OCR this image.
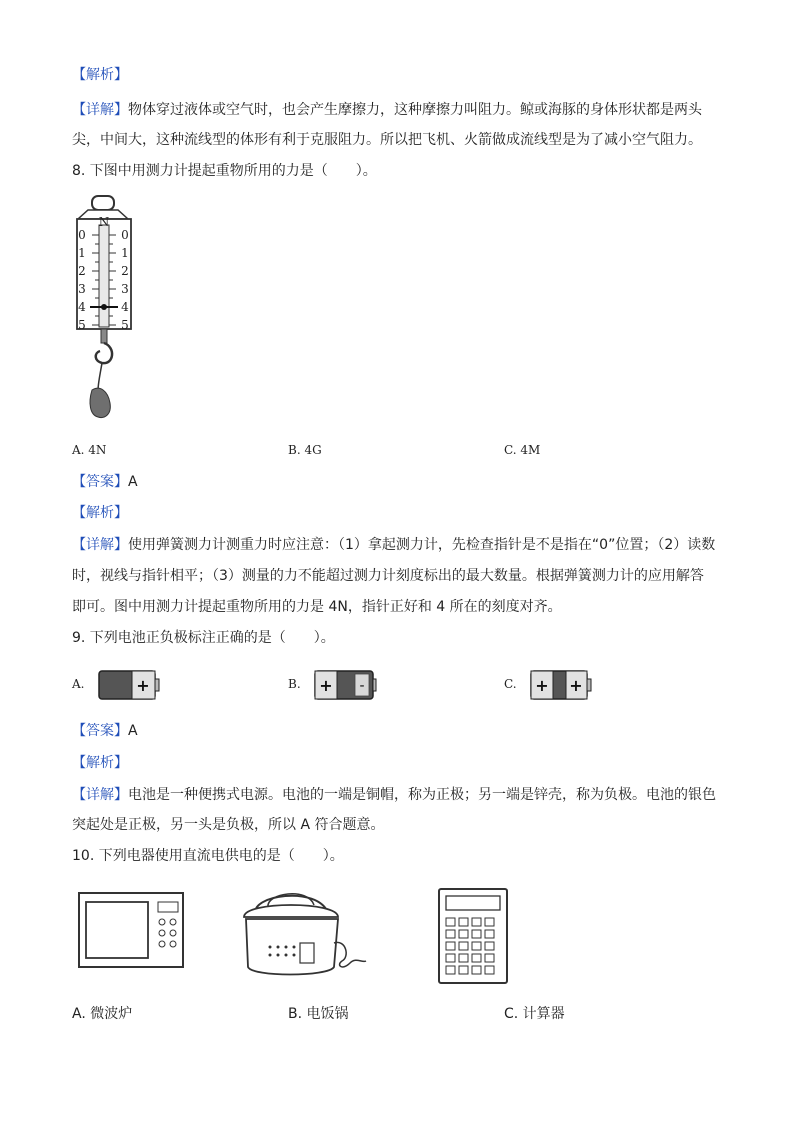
【解析】
【详解】物体穿过液体或空气时，也会产生摩擦力，这种摩擦力叫阻力。鲸或海豚的身体形状都是两头
尖，中间大，这种流线型的体形有利于克服阻力。所以把飞机、火箭做成流线型是为了减小空气阻力。
8. 下图中用测力计提起重物所用的力是（　　）。
N
0
1
2
3
4
5
0
1
2
3
4
5
A. 4N	B. 4G	C. 4M
【答案】A
【解析】
【详解】使用弹簧测力计测重力时应注意：（1）拿起测力计，先检查指针是不是指在“0”位置；（2）读数
时，视线与指针相平；（3）测量的力不能超过测力计刻度标出的最大数量。根据弹簧测力计的应用解答
即可。图中用测力计提起重物所用的力是 4N，指针正好和 4 所在的刻度对齐。
9. 下列电池正负极标注正确的是（　　）。
A.	+	B. + -	C. + +
【答案】A
【解析】
【详解】电池是一种便携式电源。电池的一端是铜帽，称为正极；另一端是锌壳，称为负极。电池的银色
突起处是正极，另一头是负极，所以 A 符合题意。
10. 下列电器使用直流电供电的是（　　）。
A. 微波炉	B. 电饭锅	C. 计算器
